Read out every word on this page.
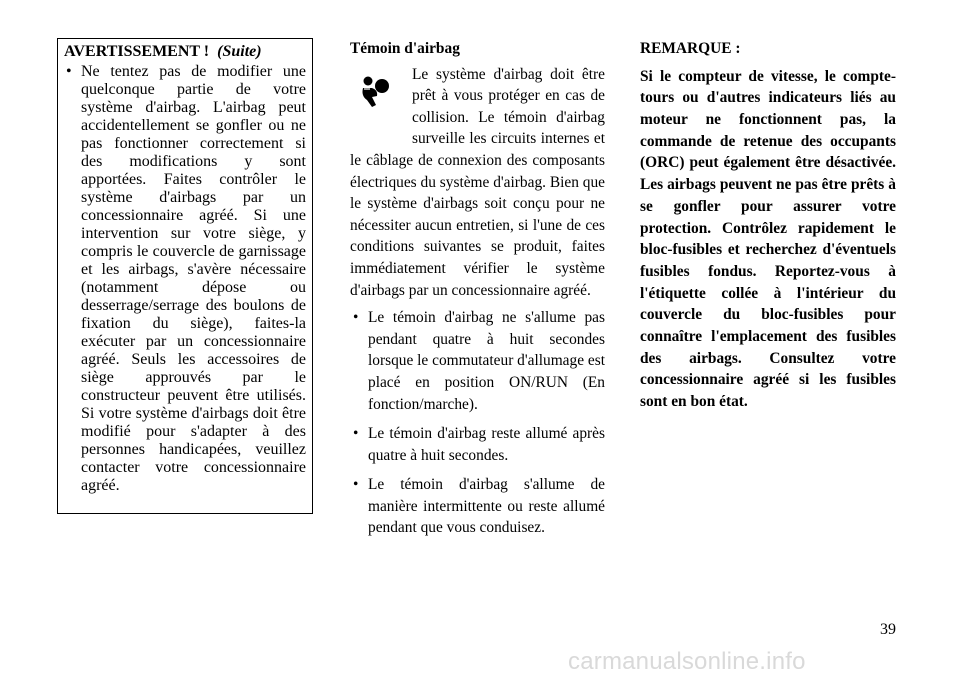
AVERTISSEMENT ! (Suite)
• Ne tentez pas de modifier une quelconque partie de votre système d'airbag. L'airbag peut accidentellement se gonfler ou ne pas fonctionner correctement si des modifications y sont apportées. Faites contrôler le système d'airbags par un concessionnaire agréé. Si une intervention sur votre siège, y compris le couvercle de garnissage et les airbags, s'avère nécessaire (notamment dépose ou desserrage/serrage des boulons de fixation du siège), faites-la exécuter par un concessionnaire agréé. Seuls les accessoires de siège approuvés par le constructeur peuvent être utilisés. Si votre système d'airbags doit être modifié pour s'adapter à des personnes handicapées, veuillez contacter votre concessionnaire agréé.
Témoin d'airbag
Le système d'airbag doit être prêt à vous protéger en cas de collision. Le témoin d'airbag surveille les circuits internes et le câblage de connexion des composants électriques du système d'airbag. Bien que le système d'airbags soit conçu pour ne nécessiter aucun entretien, si l'une de ces conditions suivantes se produit, faites immédiatement vérifier le système d'airbags par un concessionnaire agréé.
• Le témoin d'airbag ne s'allume pas pendant quatre à huit secondes lorsque le commutateur d'allumage est placé en position ON/RUN (En fonction/marche).
• Le témoin d'airbag reste allumé après quatre à huit secondes.
• Le témoin d'airbag s'allume de manière intermittente ou reste allumé pendant que vous conduisez.
REMARQUE :
Si le compteur de vitesse, le compte-tours ou d'autres indicateurs liés au moteur ne fonctionnent pas, la commande de retenue des occupants (ORC) peut également être désactivée. Les airbags peuvent ne pas être prêts à se gonfler pour assurer votre protection. Contrôlez rapidement le bloc-fusibles et recherchez d'éventuels fusibles fondus. Reportez-vous à l'étiquette collée à l'intérieur du couvercle du bloc-fusibles pour connaître l'emplacement des fusibles des airbags. Consultez votre concessionnaire agréé si les fusibles sont en bon état.
39
carmanualsonline.info
